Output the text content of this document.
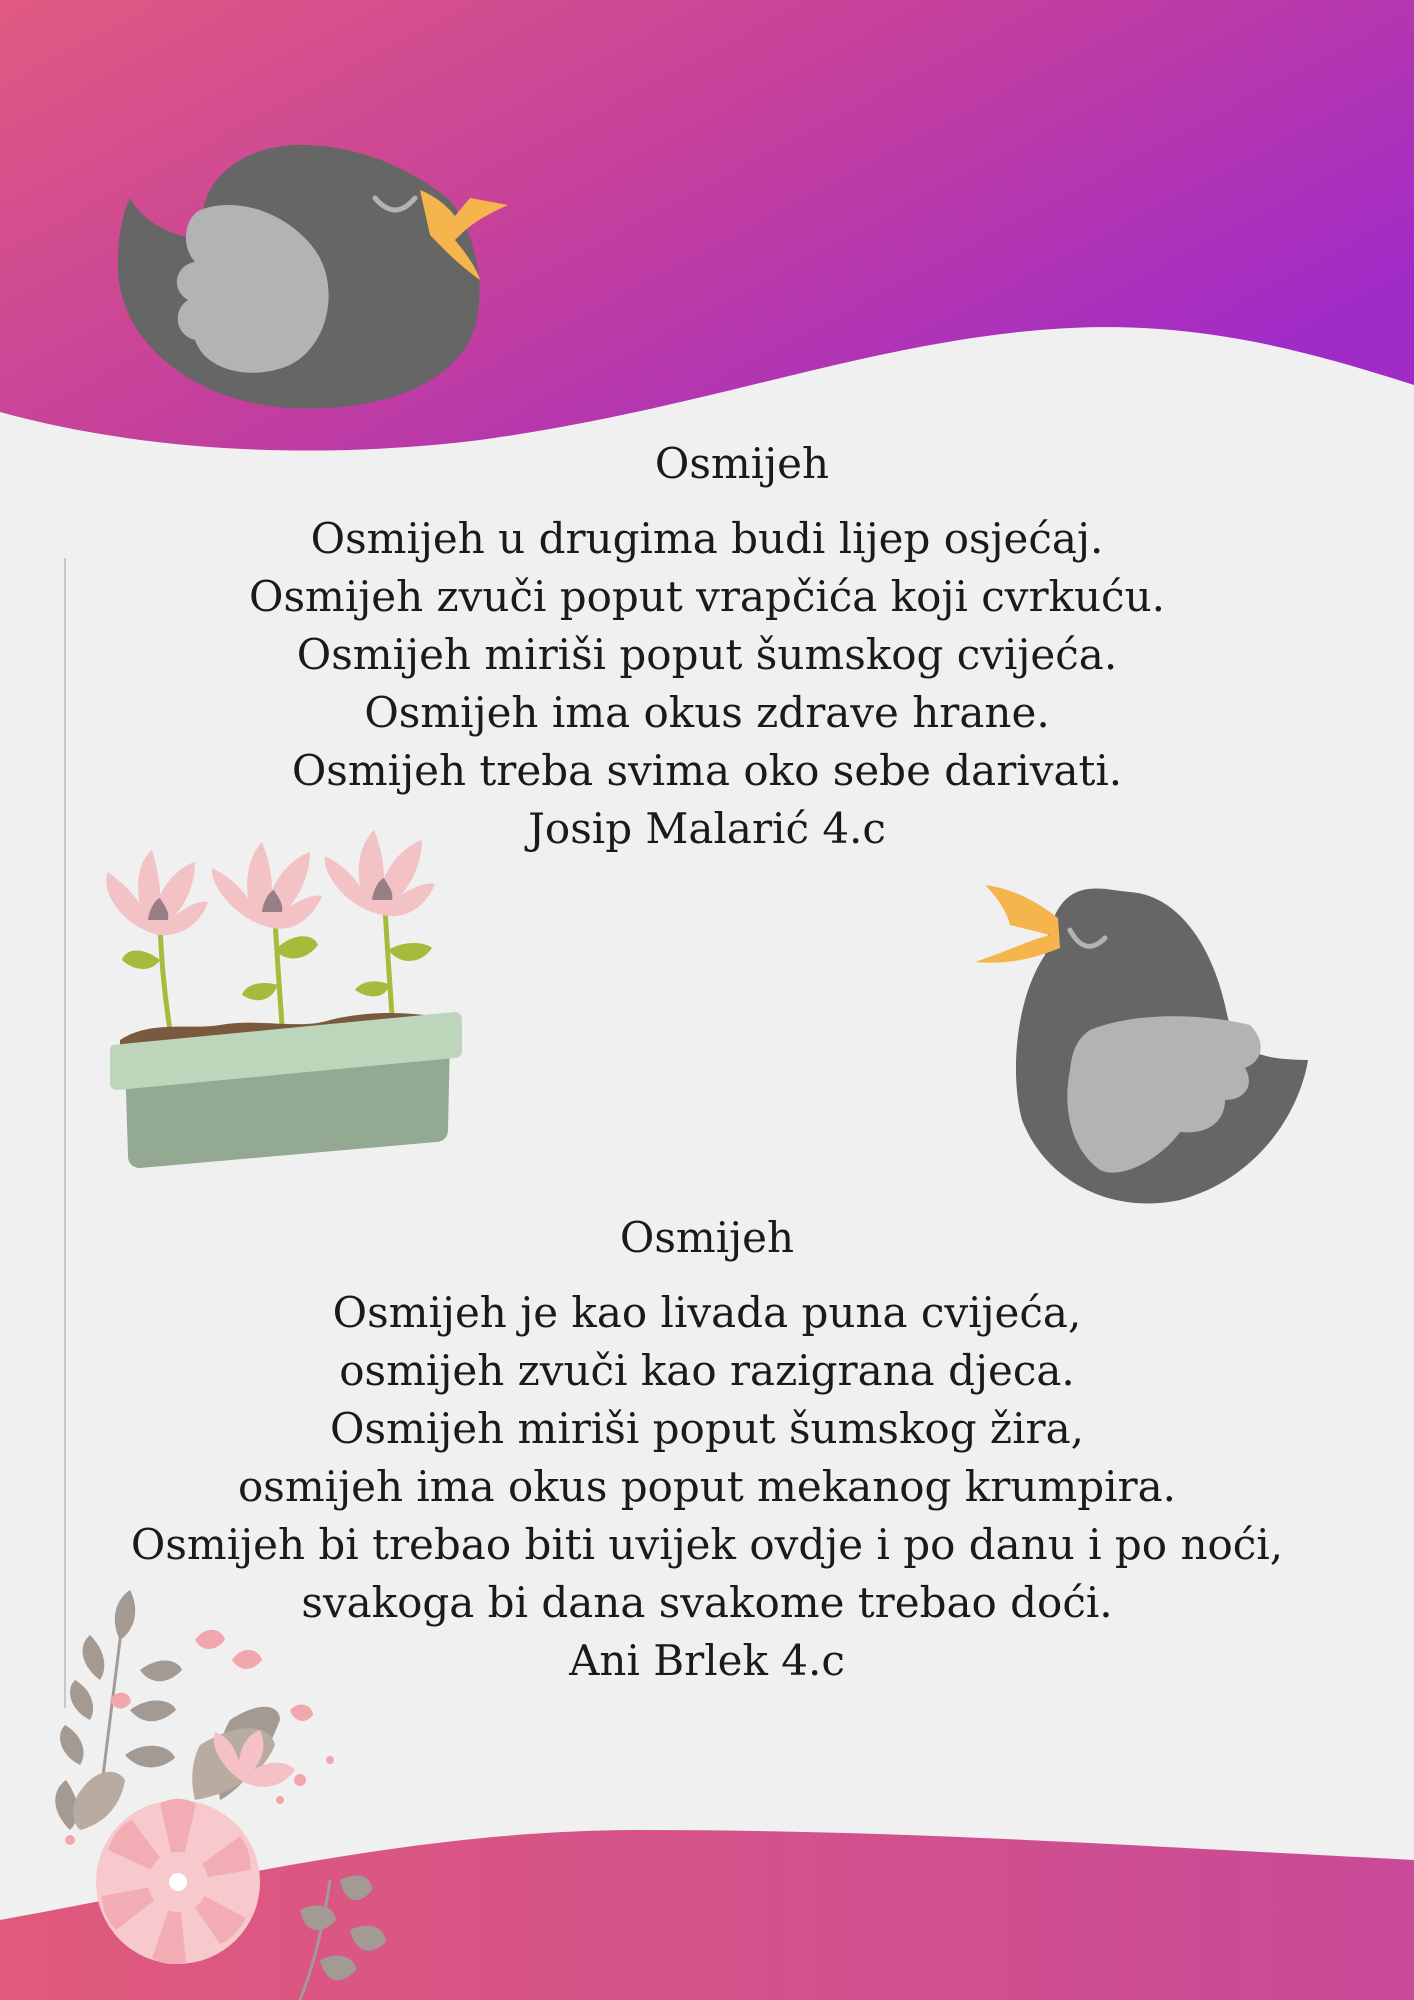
Osmijeh
Osmijeh u drugima budi lijep osjećaj.
Osmijeh zvuči poput vrapčića koji cvrkuću.
Osmijeh miriši poput šumskog cvijeća.
Osmijeh ima okus zdrave hrane.
Osmijeh treba svima oko sebe darivati.
Josip Malarić 4.c
Osmijeh
Osmijeh je kao livada puna cvijeća,
osmijeh zvuči kao razigrana djeca.
Osmijeh miriši poput šumskog žira,
osmijeh ima okus poput mekanog krumpira.
Osmijeh bi trebao biti uvijek ovdje i po danu i po noći,
svakoga bi dana svakome trebao doći.
Ani Brlek 4.c
